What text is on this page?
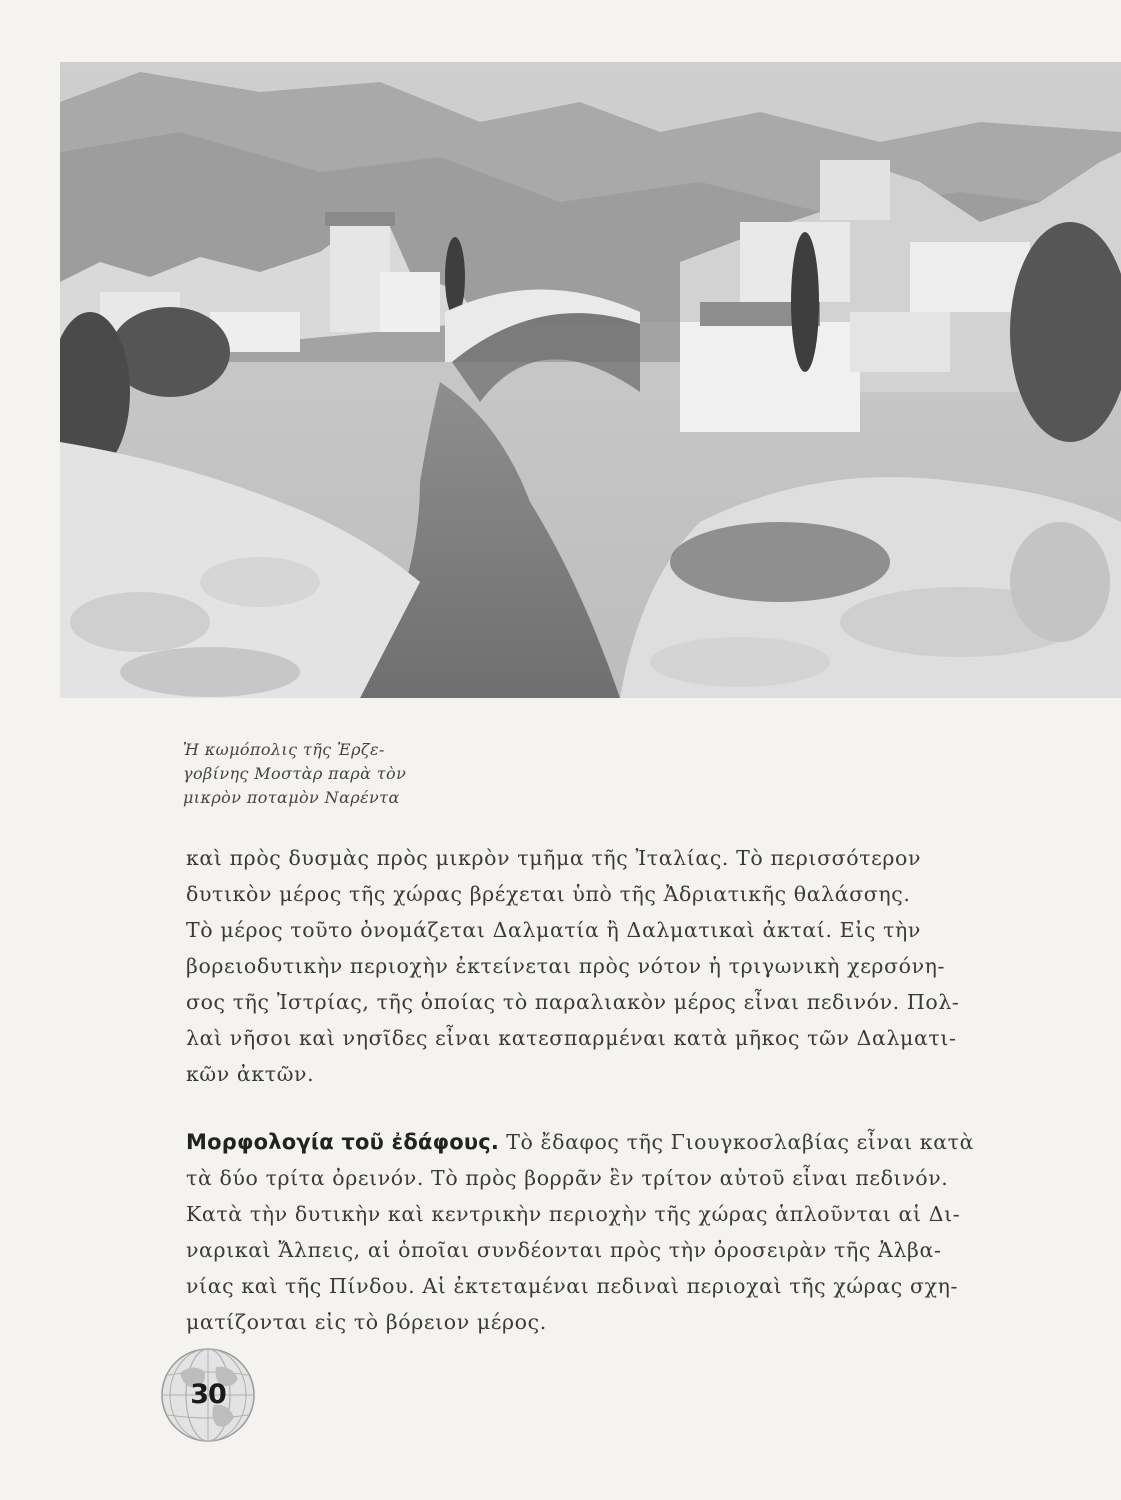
Ἡ κωμόπολις τῆς Ἐρζε-
γοβίνης Μοστὰρ παρὰ τὸν
μικρὸν ποταμὸν Ναρέντα
καὶ πρὸς δυσμὰς πρὸς μικρὸν τμῆμα τῆς Ἰταλίας. Τὸ περισσότερον
δυτικὸν μέρος τῆς χώρας βρέχεται ὑπὸ τῆς Ἀδριατικῆς θαλάσσης.
Τὸ μέρος τοῦτο ὀνομάζεται Δαλματία ἢ Δαλματικαὶ ἀκταί. Εἰς τὴν
βορειοδυτικὴν περιοχὴν ἐκτείνεται πρὸς νότον ἡ τριγωνικὴ χερσόνη-
σος τῆς Ἰστρίας, τῆς ὁποίας τὸ παραλιακὸν μέρος εἶναι πεδινόν. Πολ-
λαὶ νῆσοι καὶ νησῖδες εἶναι κατεσπαρμέναι κατὰ μῆκος τῶν Δαλματι-
κῶν ἀκτῶν.
Μορφολογία τοῦ ἐδάφους. Τὸ ἔδαφος τῆς Γιουγκοσλαβίας εἶναι κατὰ
τὰ δύο τρίτα ὀρεινόν. Τὸ πρὸς βορρᾶν ἓν τρίτον αὐτοῦ εἶναι πεδινόν.
Κατὰ τὴν δυτικὴν καὶ κεντρικὴν περιοχὴν τῆς χώρας ἁπλοῦνται αἱ Δι-
ναρικαὶ Ἄλπεις, αἱ ὁποῖαι συνδέονται πρὸς τὴν ὀροσειρὰν τῆς Ἀλβα-
νίας καὶ τῆς Πίνδου. Αἱ ἐκτεταμέναι πεδιναὶ περιοχαὶ τῆς χώρας σχη-
ματίζονται εἰς τὸ βόρειον μέρος.
30
